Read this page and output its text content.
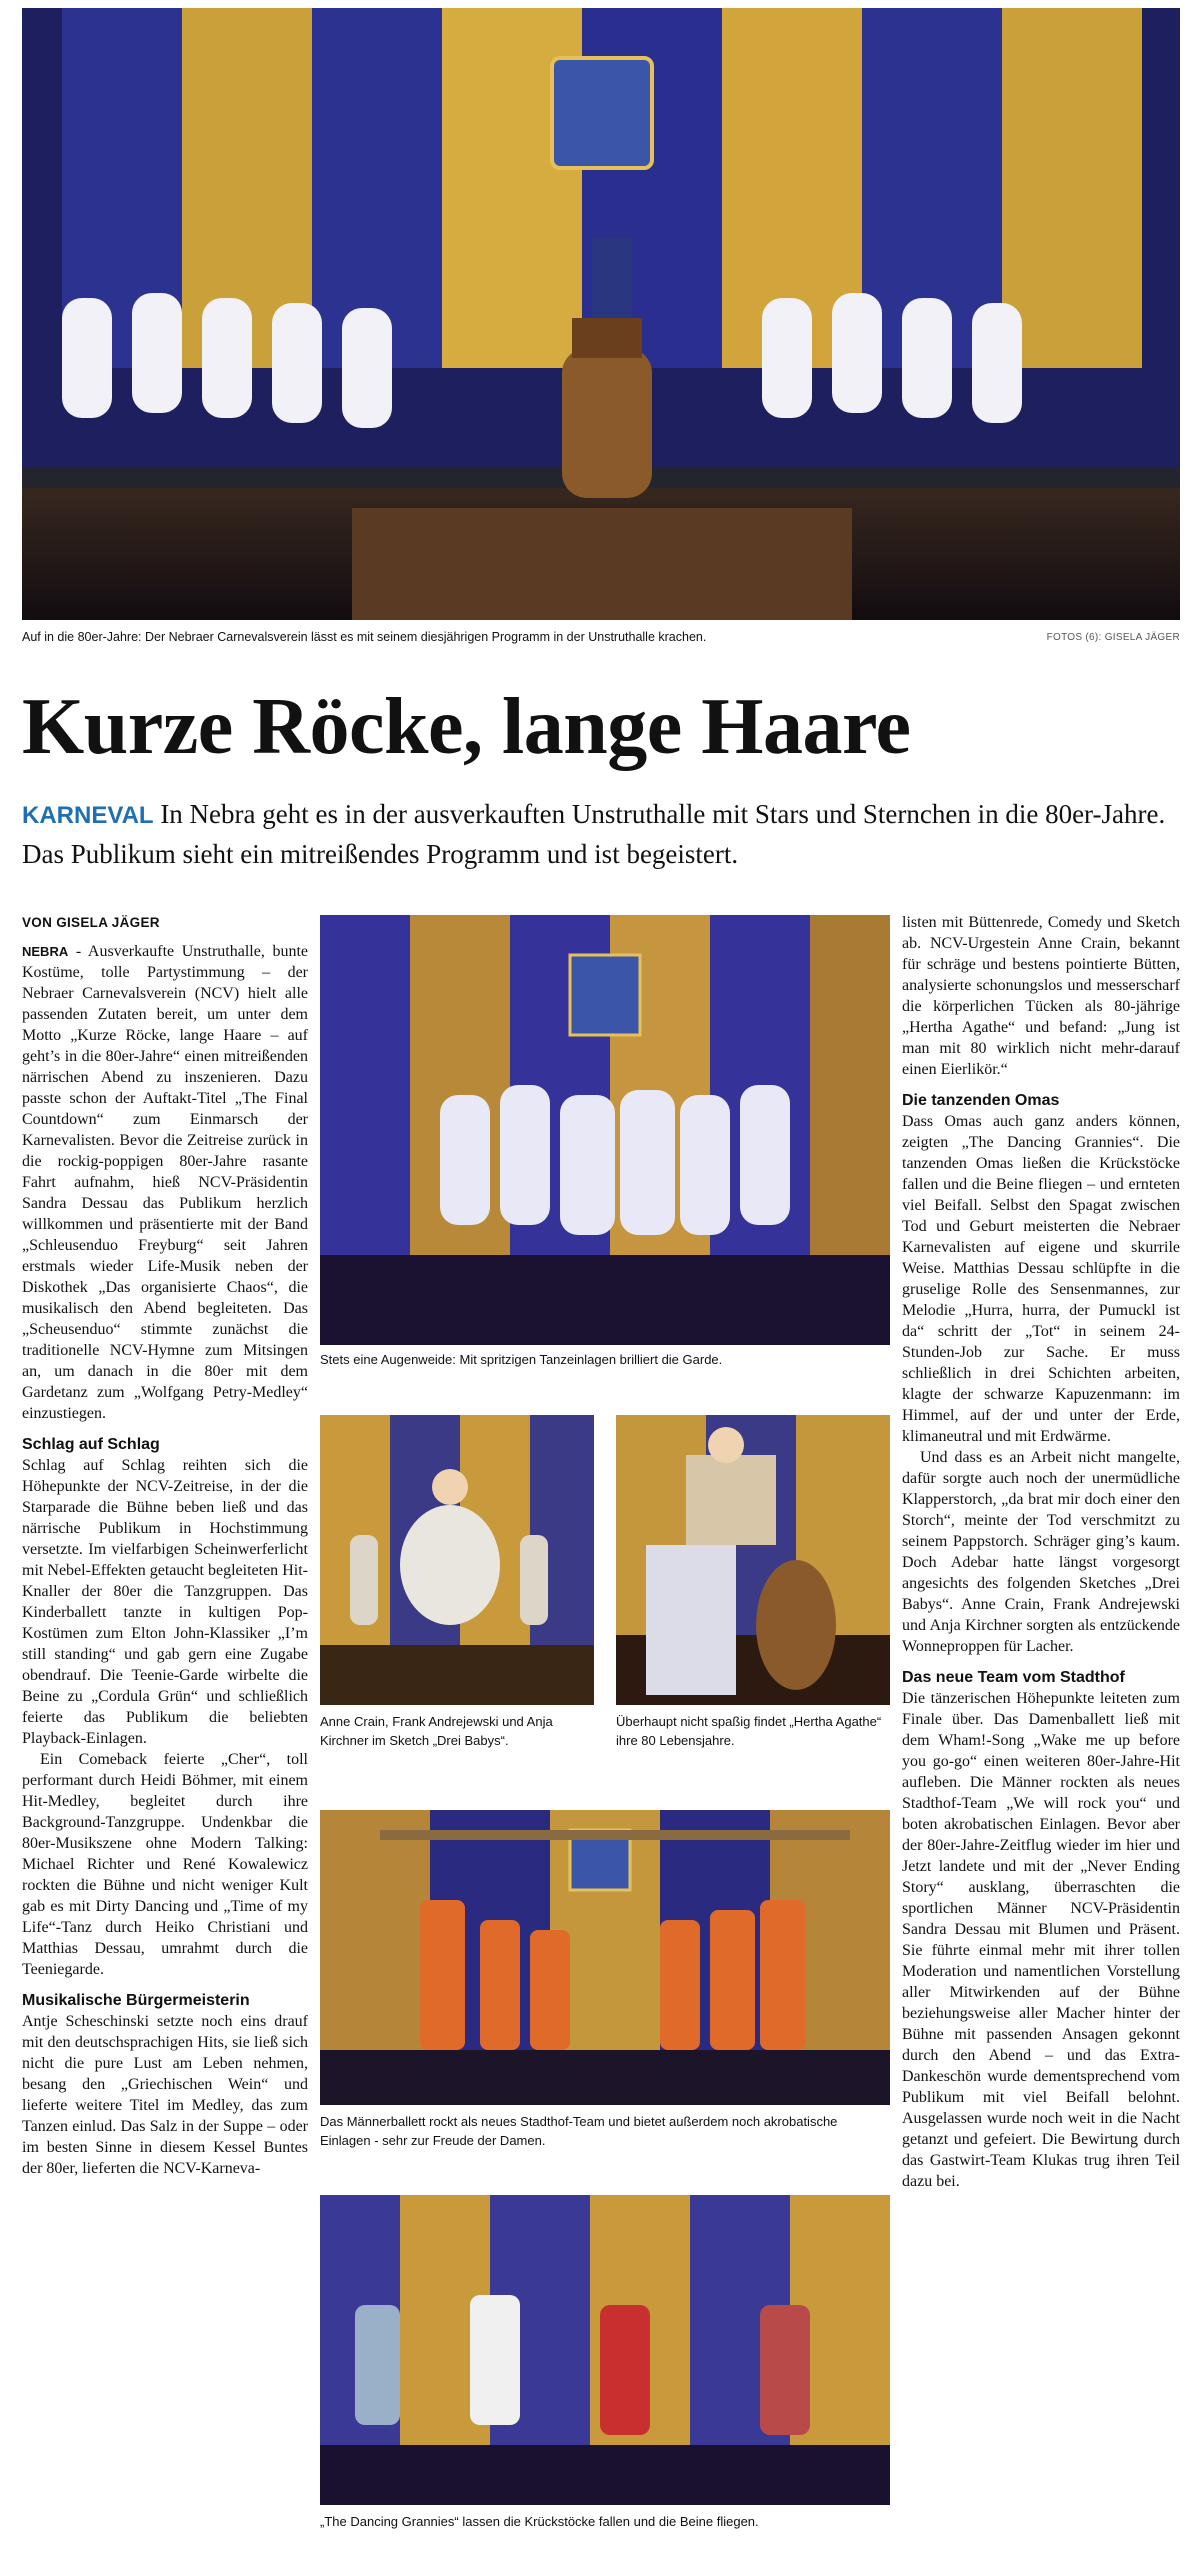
Auf in die 80er-Jahre: Der Nebraer Carnevalsverein lässt es mit seinem diesjährigen Programm in der Unstruthalle krachen.	FOTOS (6): GISELA JÄGER
Kurze Röcke, lange Haare
KARNEVAL In Nebra geht es in der ausverkauften Unstruthalle mit Stars und Sternchen in die 80er-Jahre. Das Publikum sieht ein mitreißendes Programm und ist begeistert.
VON GISELA JÄGER

NEBRA - Ausverkaufte Unstruthalle, bunte Kostüme, tolle Partystimmung – der Nebraer Carnevalsverein (NCV) hielt alle passenden Zutaten bereit, um unter dem Motto „Kurze Röcke, lange Haare – auf geht’s in die 80er-Jahre“ einen mitreißenden närrischen Abend zu inszenieren. Dazu passte schon der Auftakt-Titel „The Final Countdown“ zum Einmarsch der Karnevalisten. Bevor die Zeitreise zurück in die rockig-poppigen 80er-Jahre rasante Fahrt aufnahm, hieß NCV-Präsidentin Sandra Dessau das Publikum herzlich willkommen und präsentierte mit der Band „Schleusenduo Freyburg“ seit Jahren erstmals wieder Life-Musik neben der Diskothek „Das organisierte Chaos“, die musikalisch den Abend begleiteten. Das „Scheusenduo“ stimmte zunächst die traditionelle NCV-Hymne zum Mitsingen an, um danach in die 80er mit dem Gardetanz zum „Wolfgang Petry-Medley“ einzustiegen.

Schlag auf Schlag

Schlag auf Schlag reihten sich die Höhepunkte der NCV-Zeitreise, in der die Starparade die Bühne beben ließ und das närrische Publikum in Hochstimmung versetzte. Im vielfarbigen Scheinwerferlicht mit Nebel-Effekten getaucht begleiteten Hit-Knaller der 80er die Tanzgruppen. Das Kinderballett tanzte in kultigen Pop-Kostümen zum Elton John-Klassiker „I’m still standing“ und gab gern eine Zugabe obendrauf. Die Teenie-Garde wirbelte die Beine zu „Cordula Grün“ und schließlich feierte das Publikum die beliebten Playback-Einlagen.

Ein Comeback feierte „Cher“, toll performant durch Heidi Böhmer, mit einem Hit-Medley, begleitet durch ihre Background-Tanzgruppe. Undenkbar die 80er-Musikszene ohne Modern Talking: Michael Richter und René Kowalewicz rockten die Bühne und nicht weniger Kult gab es mit Dirty Dancing und „Time of my Life“-Tanz durch Heiko Christiani und Matthias Dessau, umrahmt durch die Teeniegarde.

Musikalische Bürgermeisterin

Antje Scheschinski setzte noch eins drauf mit den deutschsprachigen Hits, sie ließ sich nicht die pure Lust am Leben nehmen, besang den „Griechischen Wein“ und lieferte weitere Titel im Medley, das zum Tanzen einlud. Das Salz in der Suppe – oder im besten Sinne in diesem Kessel Buntes der 80er, lieferten die NCV-Karneva-

Stets eine Augenweide: Mit spritzigen Tanzeinlagen brilliert die Garde.
Anne Crain, Frank Andrejewski und Anja Kirchner im Sketch „Drei Babys“.
Überhaupt nicht spaßig findet „Hertha Agathe“ ihre 80 Lebensjahre.
Das Männerballett rockt als neues Stadthof-Team und bietet außerdem noch akrobatische Einlagen - sehr zur Freude der Damen.
„The Dancing Grannies“ lassen die Krückstöcke fallen und die Beine fliegen.

listen mit Büttenrede, Comedy und Sketch ab. NCV-Urgestein Anne Crain, bekannt für schräge und bestens pointierte Bütten, analysierte schonungslos und messerscharf die körperlichen Tücken als 80-jährige „Hertha Agathe“ und befand: „Jung ist man mit 80 wirklich nicht mehr-darauf einen Eierlikör.“

Die tanzenden Omas

Dass Omas auch ganz anders können, zeigten „The Dancing Grannies“. Die tanzenden Omas ließen die Krückstöcke fallen und die Beine fliegen – und ernteten viel Beifall. Selbst den Spagat zwischen Tod und Geburt meisterten die Nebraer Karnevalisten auf eigene und skurrile Weise. Matthias Dessau schlüpfte in die gruselige Rolle des Sensenmannes, zur Melodie „Hurra, hurra, der Pumuckl ist da“ schritt der „Tot“ in seinem 24-Stunden-Job zur Sache. Er muss schließlich in drei Schichten arbeiten, klagte der schwarze Kapuzenmann: im Himmel, auf der und unter der Erde, klimaneutral und mit Erdwärme.

Und dass es an Arbeit nicht mangelte, dafür sorgte auch noch der unermüdliche Klapperstorch, „da brat mir doch einer den Storch“, meinte der Tod verschmitzt zu seinem Pappstorch. Schräger ging’s kaum. Doch Adebar hatte längst vorgesorgt angesichts des folgenden Sketches „Drei Babys“. Anne Crain, Frank Andrejewski und Anja Kirchner sorgten als entzückende Wonneproppen für Lacher.

Das neue Team vom Stadthof

Die tänzerischen Höhepunkte leiteten zum Finale über. Das Damenballett ließ mit dem Wham!-Song „Wake me up before you go-go“ einen weiteren 80er-Jahre-Hit aufleben. Die Männer rockten als neues Stadthof-Team „We will rock you“ und boten akrobatischen Einlagen. Bevor aber der 80er-Jahre-Zeitflug wieder im hier und Jetzt landete und mit der „Never Ending Story“ ausklang, überraschten die sportlichen Männer NCV-Präsidentin Sandra Dessau mit Blumen und Präsent. Sie führte einmal mehr mit ihrer tollen Moderation und namentlichen Vorstellung aller Mitwirkenden auf der Bühne beziehungsweise aller Macher hinter der Bühne mit passenden Ansagen gekonnt durch den Abend – und das Extra-Dankeschön wurde dementsprechend vom Publikum mit viel Beifall belohnt. Ausgelassen wurde noch weit in die Nacht getanzt und gefeiert. Die Bewirtung durch das Gastwirt-Team Klukas trug ihren Teil dazu bei.
